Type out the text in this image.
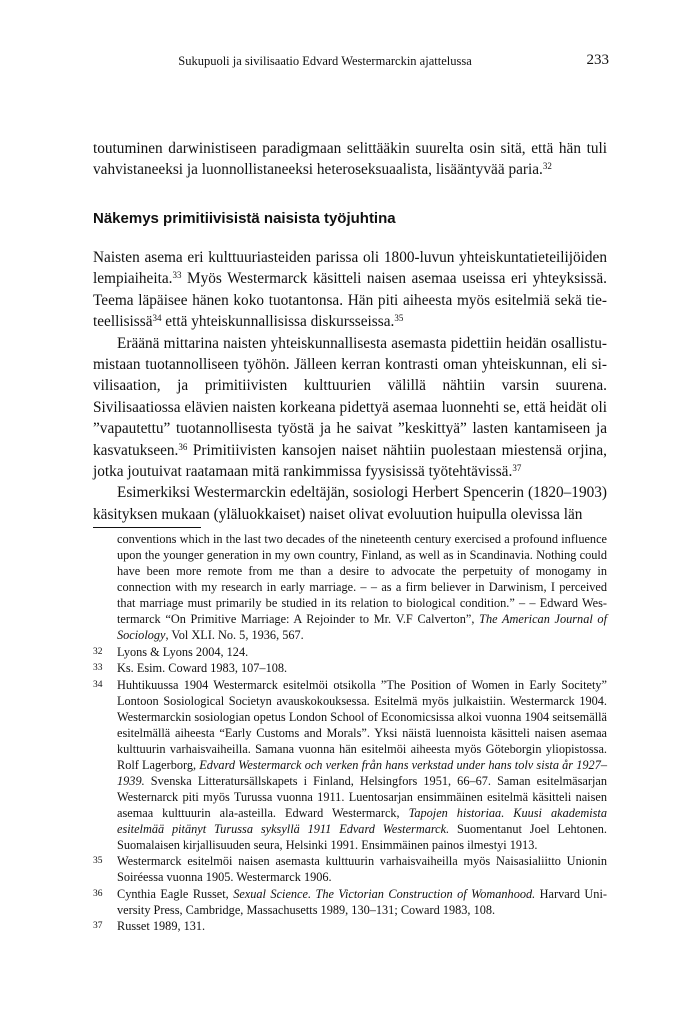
Sukupuoli ja sivilisaatio Edvard Westermarckin ajattelussa	233

toutuminen darwinistiseen paradigmaan selittääkin suurelta osin sitä, että hän tuli vahvistaneeksi ja luonnollistaneeksi heteroseksuaalista, lisääntyvää paria.$^{32}$

Näkemys primitiivisistä naisista työjuhtina

Naisten asema eri kulttuuriasteiden parissa oli 1800-luvun yhteiskuntatieteilijöiden lempiaiheita.$^{33}$ Myös Westermarck käsitteli naisen asemaa useissa eri yhteyksissä. Teema läpäisee hänen koko tuotantonsa. Hän piti aiheesta myös esitelmiä sekä tieteellisissä$^{34}$ että yhteiskunnallisissa diskursseissa.$^{35}$

Eräänä mittarina naisten yhteiskunnallisesta asemasta pidettiin heidän osallistumistaan tuotannolliseen työhön. Jälleen kerran kontrasti oman yhteiskunnan, eli sivilisaation, ja primitiivisten kulttuurien välillä nähtiin varsin suurena. Sivilisaatiossa elävien naisten korkeana pidettyä asemaa luonnehti se, että heidät oli ”vapautettu” tuotannollisesta työstä ja he saivat ”keskittyä” lasten kantamiseen ja kasvatukseen.$^{36}$ Primitiivisten kansojen naiset nähtiin puolestaan miestensä orjina, jotka joutuivat raatamaan mitä rankimmissa fyysisissä työtehtävissä.$^{37}$

Esimerkiksi Westermarckin edeltäjän, sosiologi Herbert Spencerin (1820–1903) käsityksen mukaan (yläluokkaiset) naiset olivat evoluution huipulla olevissa län

conventions which in the last two decades of the nineteenth century exercised a profound influence upon the younger generation in my own country, Finland, as well as in Scandinavia. Nothing could have been more remote from me than a desire to advocate the perpetuity of monogamy in connection with my research in early marriage. – – as a firm believer in Darwinism, I perceived that marriage must primarily be studied in its relation to biological condition.” – – Edward Westermarck “On Primitive Marriage: A Rejoinder to Mr. V.F Calverton”, The American Journal of Sociology, Vol XLI. No. 5, 1936, 567.
32	Lyons & Lyons 2004, 124.
33	Ks. Esim. Coward 1983, 107–108.
34	Huhtikuussa 1904 Westermarck esitelmöi otsikolla ”The Position of Women in Early Socitety” Lontoon Sosiological Societyn avauskokouksessa. Esitelmä myös julkaistiin. Westermarck 1904. Westermarckin sosiologian opetus London School of Economicsissa alkoi vuonna 1904 seitsemällä esitelmällä aiheesta “Early Customs and Morals”. Yksi näistä luennoista käsitteli naisen asemaa kulttuurin varhaisvaiheilla. Samana vuonna hän esitelmöi aiheesta myös Göteborgin yliopistossa. Rolf Lagerborg, Edvard Westermarck och verken från hans verkstad under hans tolv sista år 1927–1939. Svenska Litteratursällskapets i Finland, Helsingfors 1951, 66–67. Saman esitelmäsarjan Westernarck piti myös Turussa vuonna 1911. Luentosarjan ensimmäinen esitelmä käsitteli naisen asemaa kulttuurin ala-asteilla. Edward Westermarck, Tapojen historiaa. Kuusi akademista esitelmää pitänyt Turussa syksyllä 1911 Edvard Westermarck. Suomentanut Joel Lehtonen. Suomalaisen kirjallisuuden seura, Helsinki 1991. Ensimmäinen painos ilmestyi 1913.
35	Westermarck esitelmöi naisen asemasta kulttuurin varhaisvaiheilla myös Naisasialiitto Unionin Soiréessa vuonna 1905. Westermarck 1906.
36	Cynthia Eagle Russet, Sexual Science. The Victorian Construction of Womanhood. Harvard University Press, Cambridge, Massachusetts 1989, 130–131; Coward 1983, 108.
37	Russet 1989, 131.
